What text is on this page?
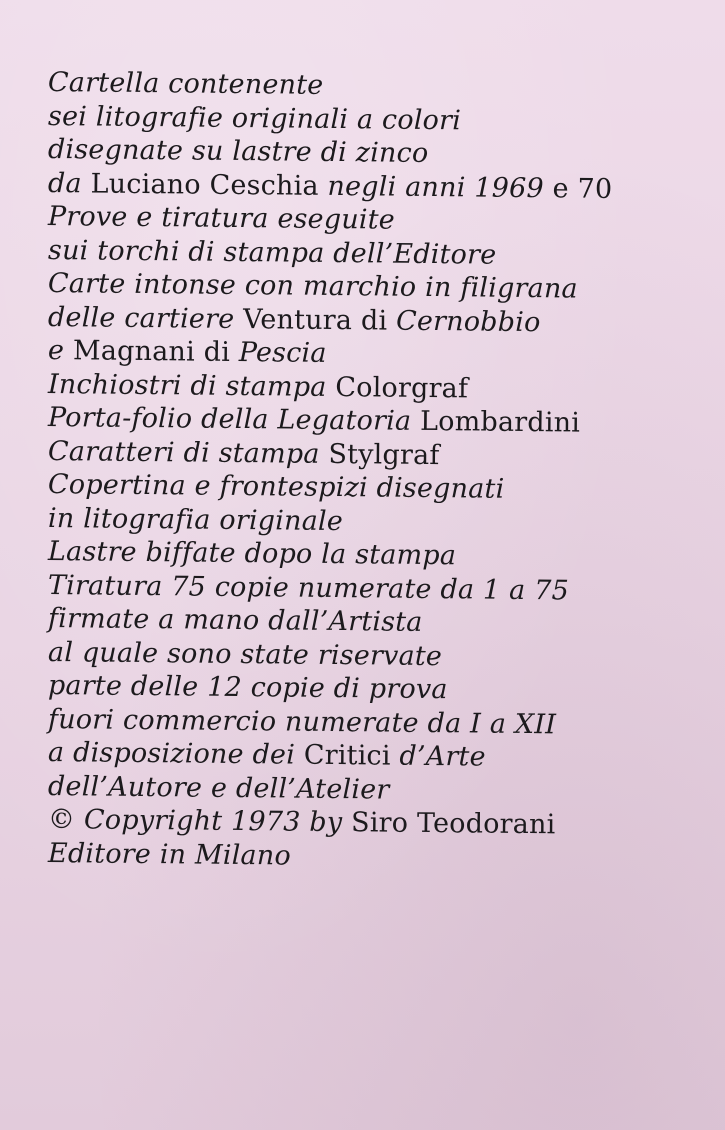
Cartella contenente
sei litografie originali a colori
disegnate su lastre di zinco
da Luciano Ceschia negli anni 1969 e 70
Prove e tiratura eseguite
sui torchi di stampa dell’Editore
Carte intonse con marchio in filigrana
delle cartiere Ventura di Cernobbio
e Magnani di Pescia
Inchiostri di stampa Colorgraf
Porta-folio della Legatoria Lombardini
Caratteri di stampa Stylgraf
Copertina e frontespizi disegnati
in litografia originale
Lastre biffate dopo la stampa
Tiratura 75 copie numerate da 1 a 75
firmate a mano dall’Artista
al quale sono state riservate
parte delle 12 copie di prova
fuori commercio numerate da I a XII
a disposizione dei Critici d’Arte
dell’Autore e dell’Atelier
© Copyright 1973 by Siro Teodorani
Editore in Milano
